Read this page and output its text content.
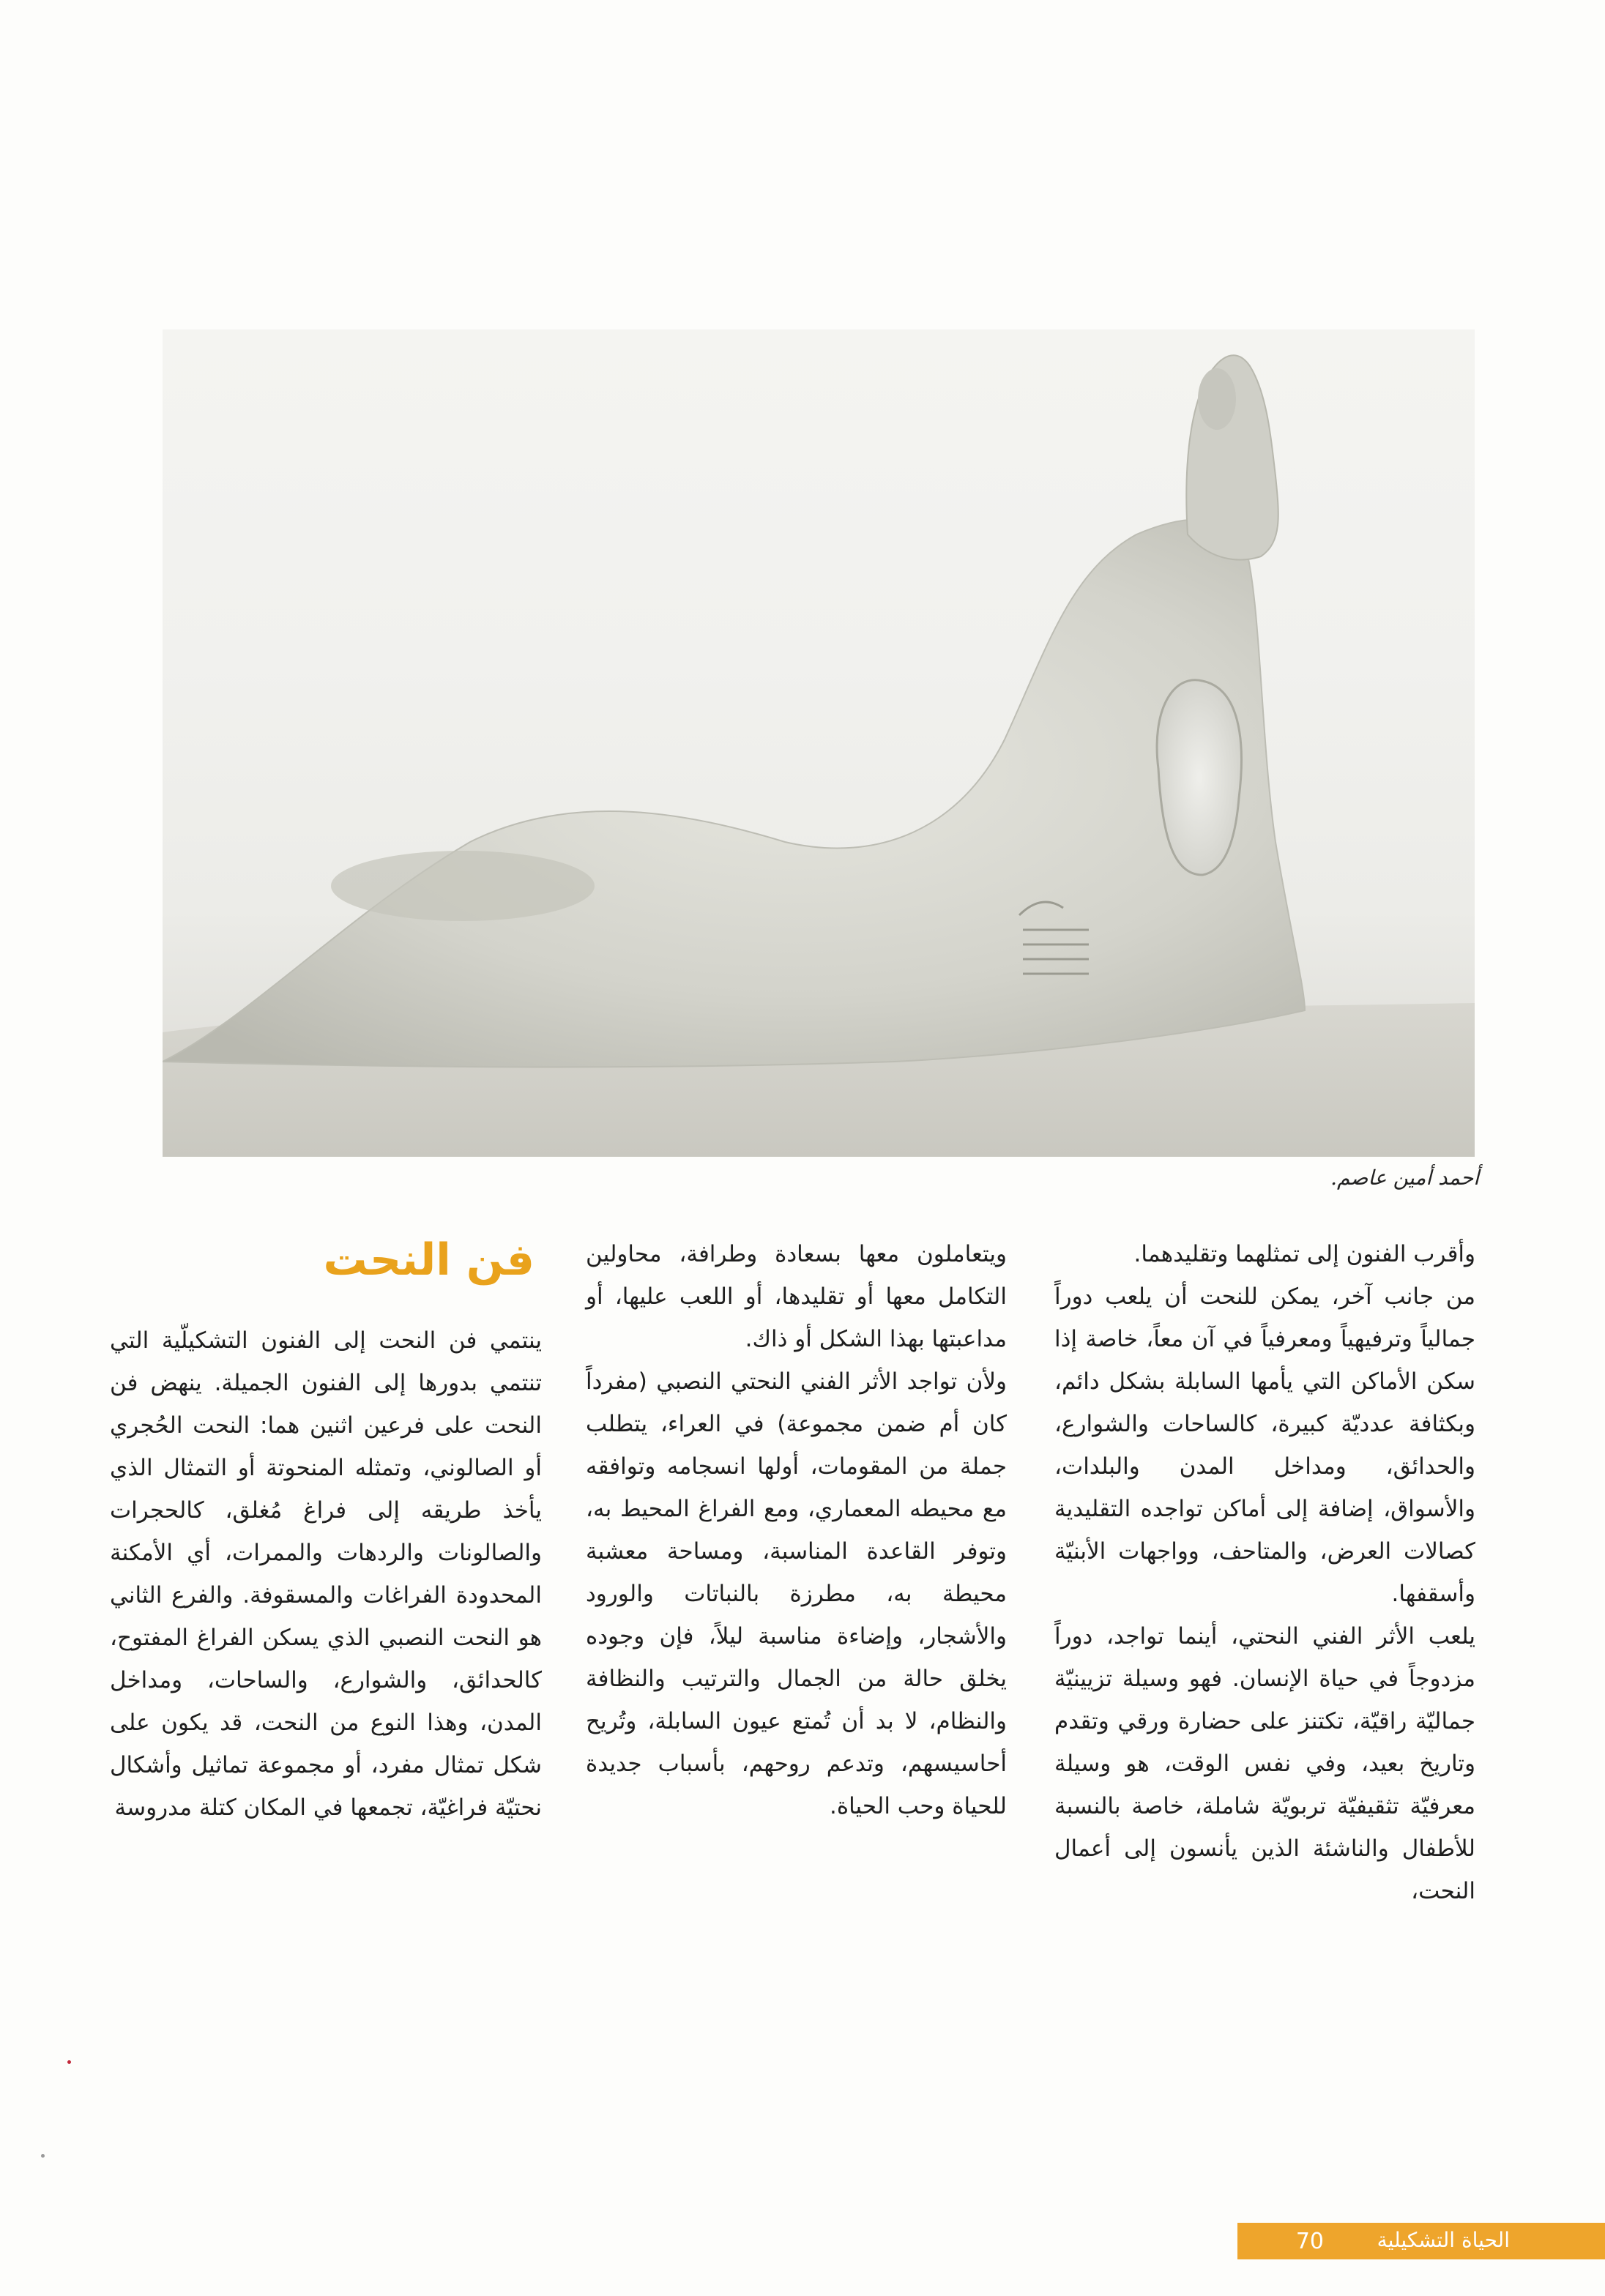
أحمد أمين عاصم.
فن النحت	وأقرب الفنون إلى تمثلهما وتقليدهما.

من جانب آخر، يمكن للنحت أن يلعب دوراً جمالياً وترفيهياً ومعرفياً في آن معاً، خاصة إذا سكن الأماكن التي يأمها السابلة بشكل دائم، وبكثافة عدديّة كبيرة، كالساحات والشوارع، والحدائق، ومداخل المدن والبلدات، والأسواق، إضافة إلى أماكن تواجده التقليدية كصالات العرض، والمتاحف، وواجهات الأبنيّة وأسقفها.

يلعب الأثر الفني النحتي، أينما تواجد، دوراً مزدوجاً في حياة الإنسان. فهو وسيلة تزيينيّة جماليّة راقيّة، تكتنز على حضارة ورقي وتقدم وتاريخ بعيد، وفي نفس الوقت، هو وسيلة معرفيّة تثقيفيّة تربويّة شاملة، خاصة بالنسبة للأطفال والناشئة الذين يأنسون إلى أعمال النحت،

ويتعاملون معها بسعادة وطرافة، محاولين التكامل معها أو تقليدها، أو اللعب عليها، أو مداعبتها بهذا الشكل أو ذاك.

ولأن تواجد الأثر الفني النحتي النصبي (مفرداً كان أم ضمن مجموعة) في العراء، يتطلب جملة من المقومات، أولها انسجامه وتوافقه مع محيطه المعماري، ومع الفراغ المحيط به، وتوفر القاعدة المناسبة، ومساحة معشبة محيطة به، مطرزة بالنباتات والورود والأشجار، وإضاءة مناسبة ليلاً، فإن وجوده يخلق حالة من الجمال والترتيب والنظافة والنظام، لا بد أن تُمتع عيون السابلة، وتُريح أحاسيسهم، وتدعم روحهم، بأسباب جديدة للحياة وحب الحياة.

ينتمي فن النحت إلى الفنون التشكيلّية التي تنتمي بدورها إلى الفنون الجميلة. ينهض فن النحت على فرعين اثنين هما: النحت الحُجري أو الصالوني، وتمثله المنحوتة أو التمثال الذي يأخذ طريقه إلى فراغ مُغلق، كالحجرات والصالونات والردهات والممرات، أي الأمكنة المحدودة الفراغات والمسقوفة. والفرع الثاني هو النحت النصبي الذي يسكن الفراغ المفتوح، كالحدائق، والشوارع، والساحات، ومداخل المدن، وهذا النوع من النحت، قد يكون على شكل تمثال مفرد، أو مجموعة تماثيل وأشكال نحتيّة فراغيّة، تجمعها في المكان كتلة مدروسة

70	الحياة التشكيلية
